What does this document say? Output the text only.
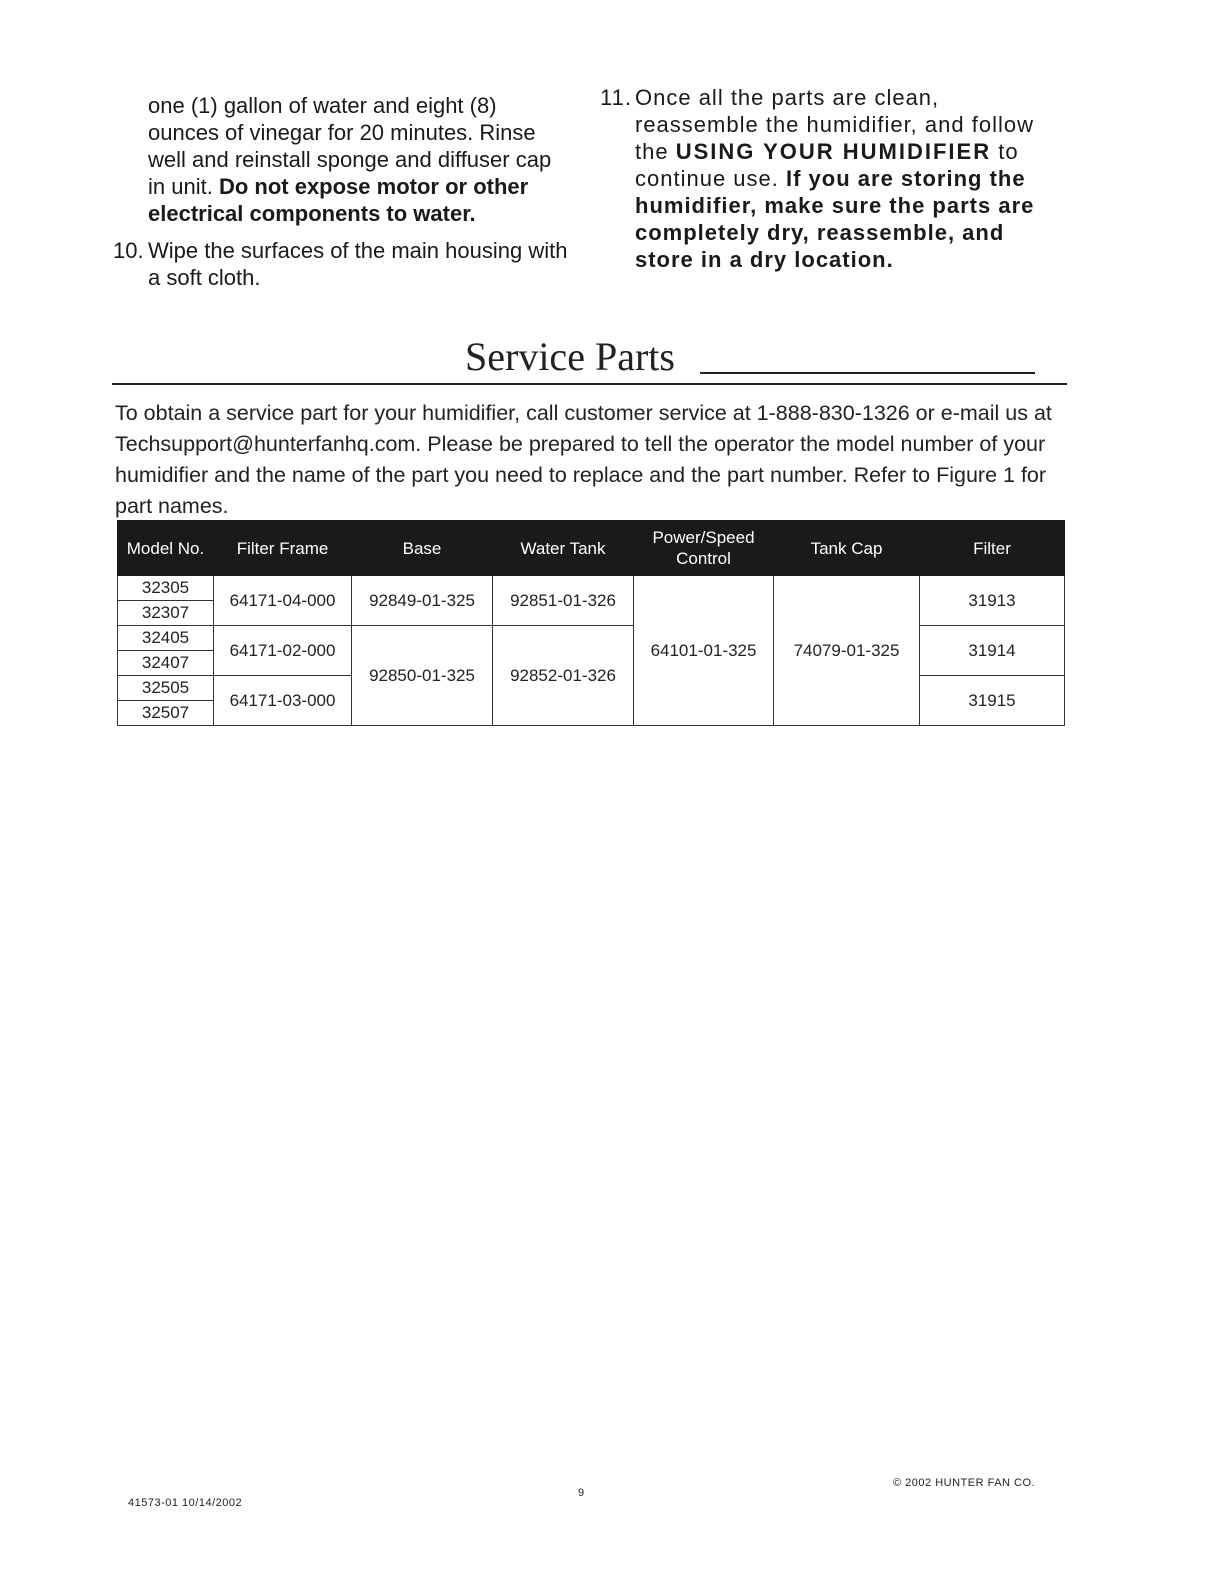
one (1) gallon of water and eight (8) ounces of vinegar for 20 minutes. Rinse well and reinstall sponge and diffuser cap in unit. Do not expose motor or other electrical components to water.

10. Wipe the surfaces of the main housing with a soft cloth.

11. Once all the parts are clean, reassemble the humidifier, and follow the USING YOUR HUMIDIFIER to continue use. If you are storing the humidifier, make sure the parts are completely dry, reassemble, and store in a dry location.

Service Parts
To obtain a service part for your humidifier, call customer service at 1-888-830-1326 or e-mail us at Techsupport@hunterfanhq.com. Please be prepared to tell the operator the model number of your humidifier and the name of the part you need to replace and the part number. Refer to Figure 1 for part names.
Model No.	Filter Frame	Base	Water Tank	Power/Speed Control	Tank Cap	Filter
32305	64171-04-000	92849-01-325	92851-01-326	64101-01-325	74079-01-325	31913
32307						
32405	64171-02-000	92850-01-325	92852-01-326			31914
32407						
32505	64171-03-000					31915
32507						
41573-01 10/14/2002
9
© 2002 HUNTER FAN CO.
